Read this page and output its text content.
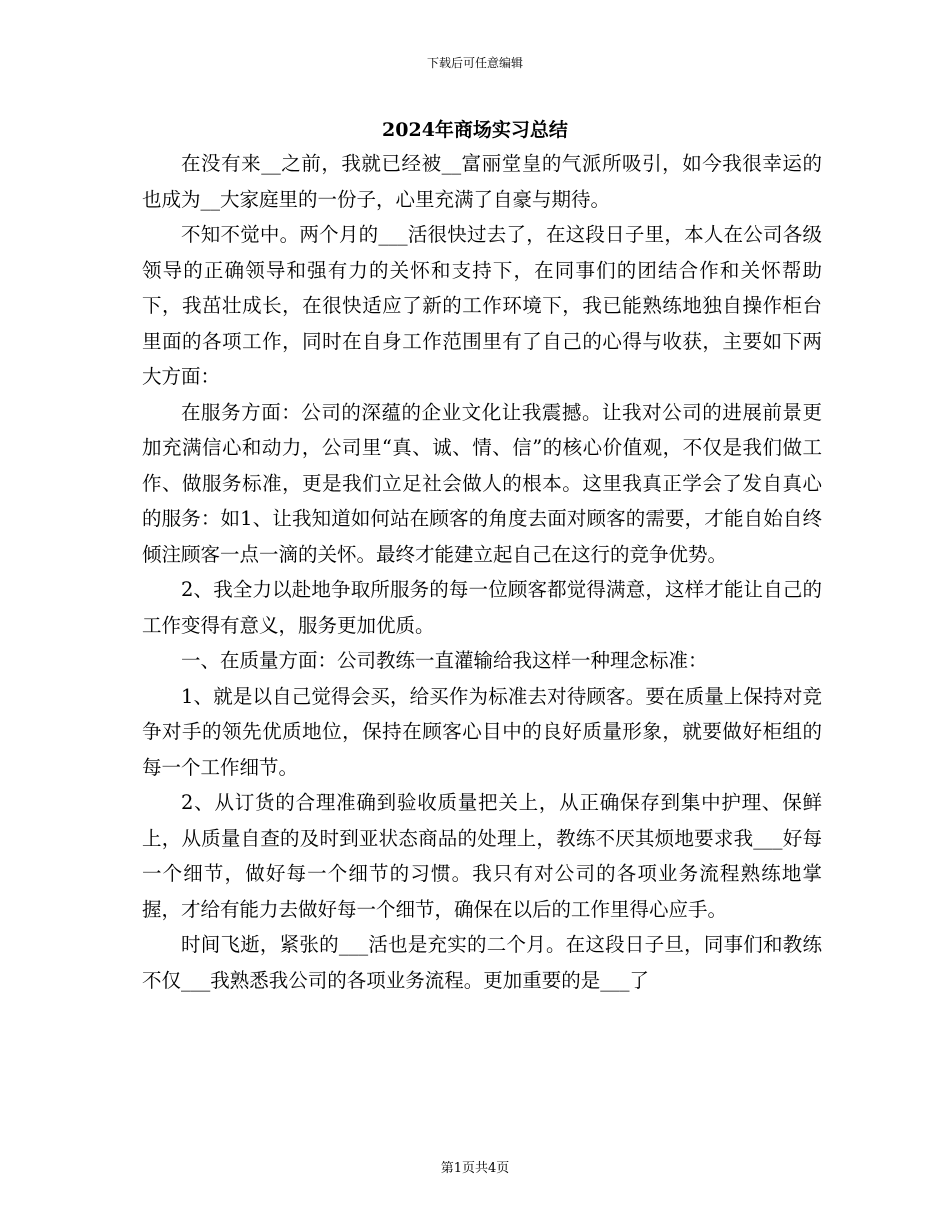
下载后可任意编辑
2024年商场实习总结

在没有来__之前，我就已经被__富丽堂皇的气派所吸引，如今我很幸运的也成为__大家庭里的一份子，心里充满了自豪与期待。

不知不觉中。两个月的___活很快过去了，在这段日子里，本人在公司各级领导的正确领导和强有力的关怀和支持下，在同事们的团结合作和关怀帮助下，我茁壮成长，在很快适应了新的工作环境下，我已能熟练地独自操作柜台里面的各项工作，同时在自身工作范围里有了自己的心得与收获，主要如下两大方面：

在服务方面：公司的深蕴的企业文化让我震撼。让我对公司的进展前景更加充满信心和动力，公司里“真、诚、情、信”的核心价值观，不仅是我们做工作、做服务标准，更是我们立足社会做人的根本。这里我真正学会了发自真心的服务：如1、让我知道如何站在顾客的角度去面对顾客的需要，才能自始自终倾注顾客一点一滴的关怀。最终才能建立起自己在这行的竞争优势。

2、我全力以赴地争取所服务的每一位顾客都觉得满意，这样才能让自己的工作变得有意义，服务更加优质。

一、在质量方面：公司教练一直灌输给我这样一种理念标准：

1、就是以自己觉得会买，给买作为标准去对待顾客。要在质量上保持对竞争对手的领先优质地位，保持在顾客心目中的良好质量形象，就要做好柜组的每一个工作细节。

2、从订货的合理准确到验收质量把关上，从正确保存到集中护理、保鲜上，从质量自查的及时到亚状态商品的处理上，教练不厌其烦地要求我___好每一个细节，做好每一个细节的习惯。我只有对公司的各项业务流程熟练地掌握，才给有能力去做好每一个细节，确保在以后的工作里得心应手。

时间飞逝，紧张的___活也是充实的二个月。在这段日子旦，同事们和教练不仅___我熟悉我公司的各项业务流程。更加重要的是___了

第1页共4页
